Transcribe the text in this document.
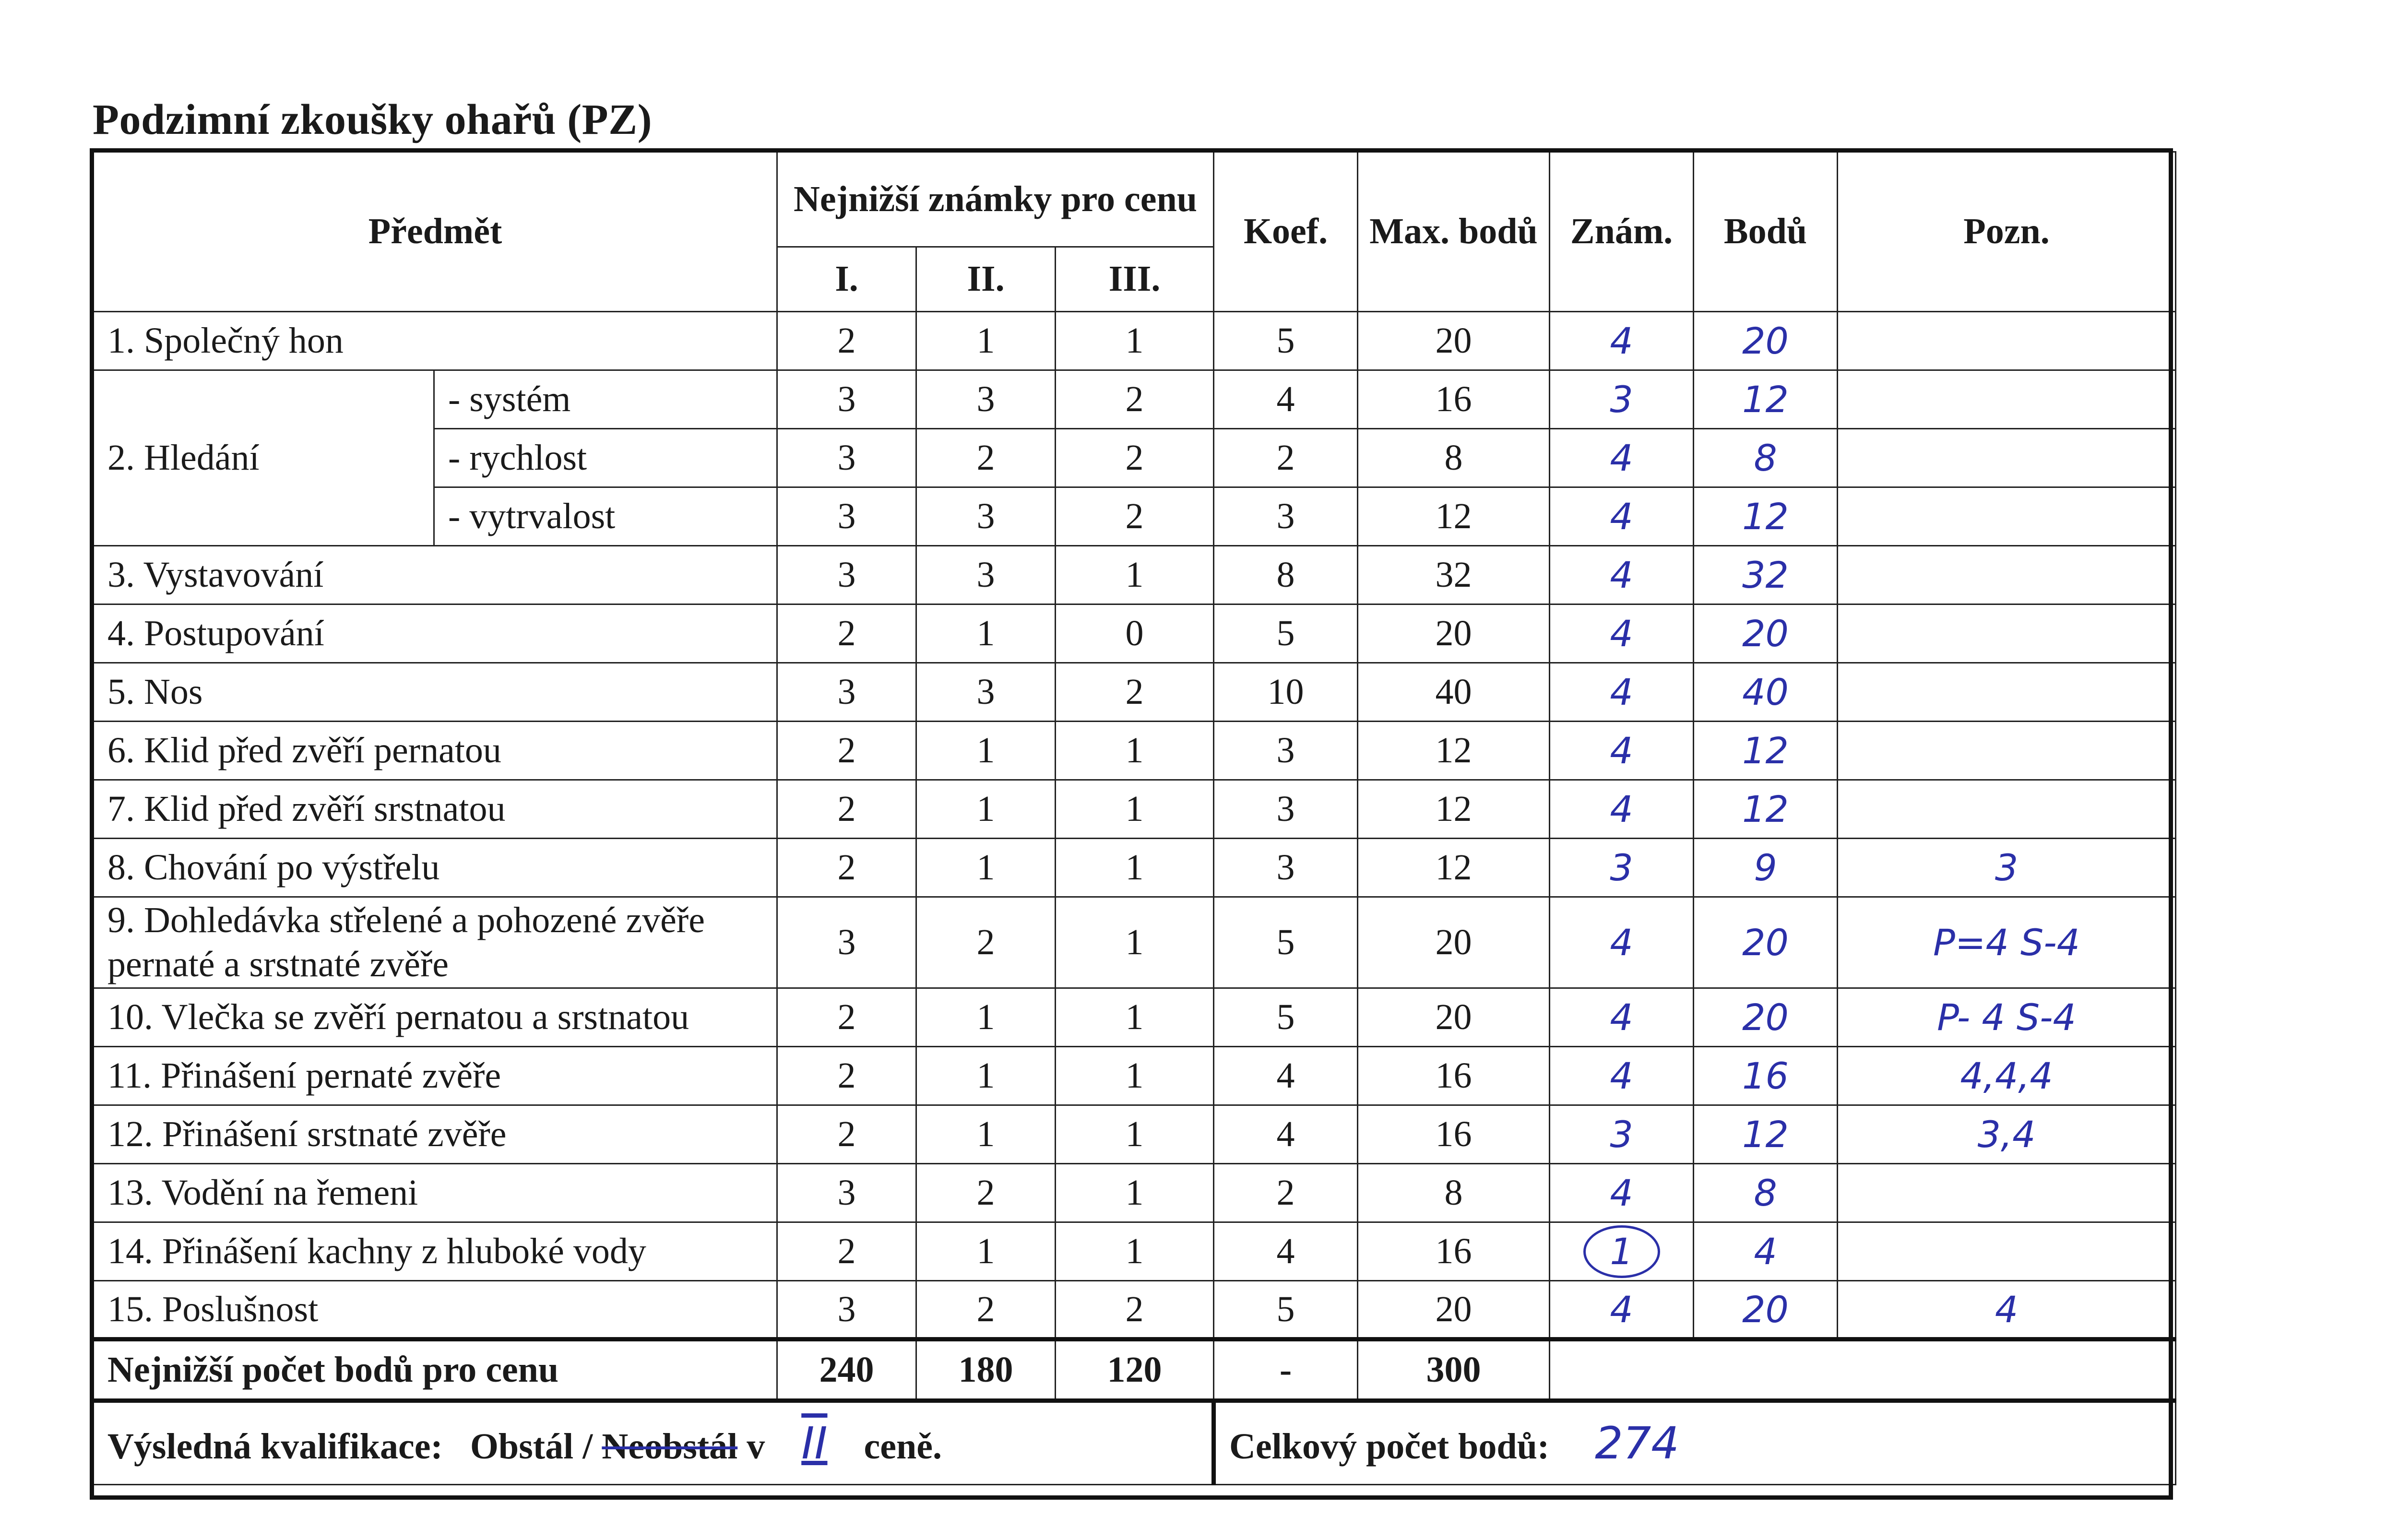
Podzimní zkoušky ohařů (PZ)
Předmět		Nejnižší známky pro cenu			Koef.	Max. bodů	Znám.	Bodů	Pozn.
		I.	II.	III.					
1. Společný hon		2	1	1	5	20	4	20	
2. Hledání	- systém	3	3	2	4	16	3	12	
	- rychlost	3	2	2	2	8	4	8	
	- vytrvalost	3	3	2	3	12	4	12	
3. Vystavování		3	3	1	8	32	4	32	
4. Postupování		2	1	0	5	20	4	20	
5. Nos		3	3	2	10	40	4	40	
6. Klid před zvěří pernatou		2	1	1	3	12	4	12	
7. Klid před zvěří srstnatou		2	1	1	3	12	4	12	
8. Chování po výstřelu		2	1	1	3	12	3	9	3
9. Dohledávka střelené a pohozené zvěře pernaté a srstnaté zvěře		3	2	1	5	20	4	20	P=4 S-4
10. Vlečka se zvěří pernatou a srstnatou		2	1	1	5	20	4	20	P- 4 S-4
11. Přinášení pernaté zvěře		2	1	1	4	16	4	16	4,4,4
12. Přinášení srstnaté zvěře		2	1	1	4	16	3	12	3,4
13. Vodění na řemeni		3	2	1	2	8	4	8	
14. Přinášení kachny z hluboké vody		2	1	1	4	16	1	4	
15. Poslušnost		3	2	2	5	20	4	20	4
Nejnižší počet bodů pro cenu		240	180	120	-	300			
Výsledná kvalifikace: Obstál / Neobstál v II ceně.					Celkový počet bodů: 274				
